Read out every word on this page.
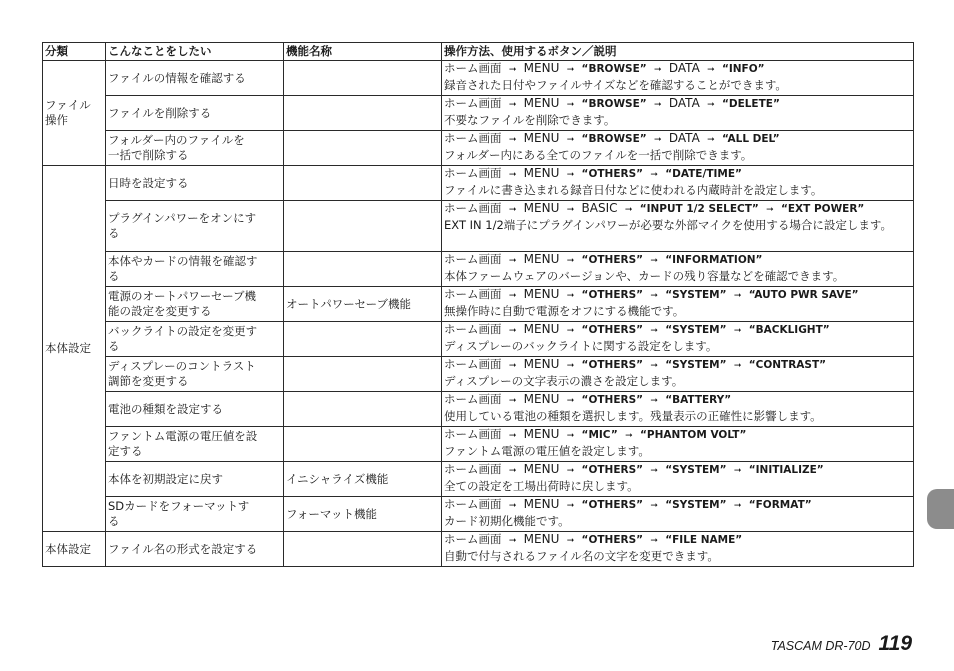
分類	こんなことをしたい	機能名称	操作方法、使用するボタン／説明

ファイル
操作	ファイルの情報を確認する		ホーム画面 ➞ MENU ➞ “BROWSE” ➞ DATA ➞ “INFO”
録音された日付やファイルサイズなどを確認することができます。

	ファイルを削除する		ホーム画面 ➞ MENU ➞ “BROWSE” ➞ DATA ➞ “DELETE”
不要なファイルを削除できます。

	フォルダー内のファイルを
一括で削除する		ホーム画面 ➞ MENU ➞ “BROWSE” ➞ DATA ➞ “ALL DEL”
フォルダー内にある全てのファイルを一括で削除できます。

本体設定	日時を設定する		ホーム画面 ➞ MENU ➞ “OTHERS” ➞ “DATE/TIME”
ファイルに書き込まれる録音日付などに使われる内蔵時計を設定します。

	プラグインパワーをオンにす
る		ホーム画面 ➞ MENU ➞ BASIC ➞ “INPUT 1/2 SELECT” ➞ “EXT POWER”
EXT IN 1/2端子にプラグインパワーが必要な外部マイクを使用する場合に設定します。

	本体やカードの情報を確認す
る		ホーム画面 ➞ MENU ➞ “OTHERS” ➞ “INFORMATION”
本体ファームウェアのバージョンや、カードの残り容量などを確認できます。

	電源のオートパワーセーブ機
能の設定を変更する	オートパワーセーブ機能	ホーム画面 ➞ MENU ➞ “OTHERS” ➞ “SYSTEM” ➞ “AUTO PWR SAVE”
無操作時に自動で電源をオフにする機能です。

	バックライトの設定を変更す
る		ホーム画面 ➞ MENU ➞ “OTHERS” ➞ “SYSTEM” ➞ “BACKLIGHT”
ディスプレーのバックライトに関する設定をします。

	ディスプレーのコントラスト
調節を変更する		ホーム画面 ➞ MENU ➞ “OTHERS” ➞ “SYSTEM” ➞ “CONTRAST”
ディスプレーの文字表示の濃さを設定します。

	電池の種類を設定する		ホーム画面 ➞ MENU ➞ “OTHERS” ➞ “BATTERY”
使用している電池の種類を選択します。残量表示の正確性に影響します。

	ファントム電源の電圧値を設
定する		ホーム画面 ➞ MENU ➞ “MIC” ➞ “PHANTOM VOLT”
ファントム電源の電圧値を設定します。

	本体を初期設定に戻す	イニシャライズ機能	ホーム画面 ➞ MENU ➞ “OTHERS” ➞ “SYSTEM” ➞ “INITIALIZE”
全ての設定を工場出荷時に戻します。

	SDカードをフォーマットす
る	フォーマット機能	ホーム画面 ➞ MENU ➞ “OTHERS” ➞ “SYSTEM” ➞ “FORMAT”
カード初期化機能です。

本体設定	ファイル名の形式を設定する		ホーム画面 ➞ MENU ➞ “OTHERS” ➞ “FILE NAME”
自動で付与されるファイル名の文字を変更できます。
TASCAM DR-70D 119
